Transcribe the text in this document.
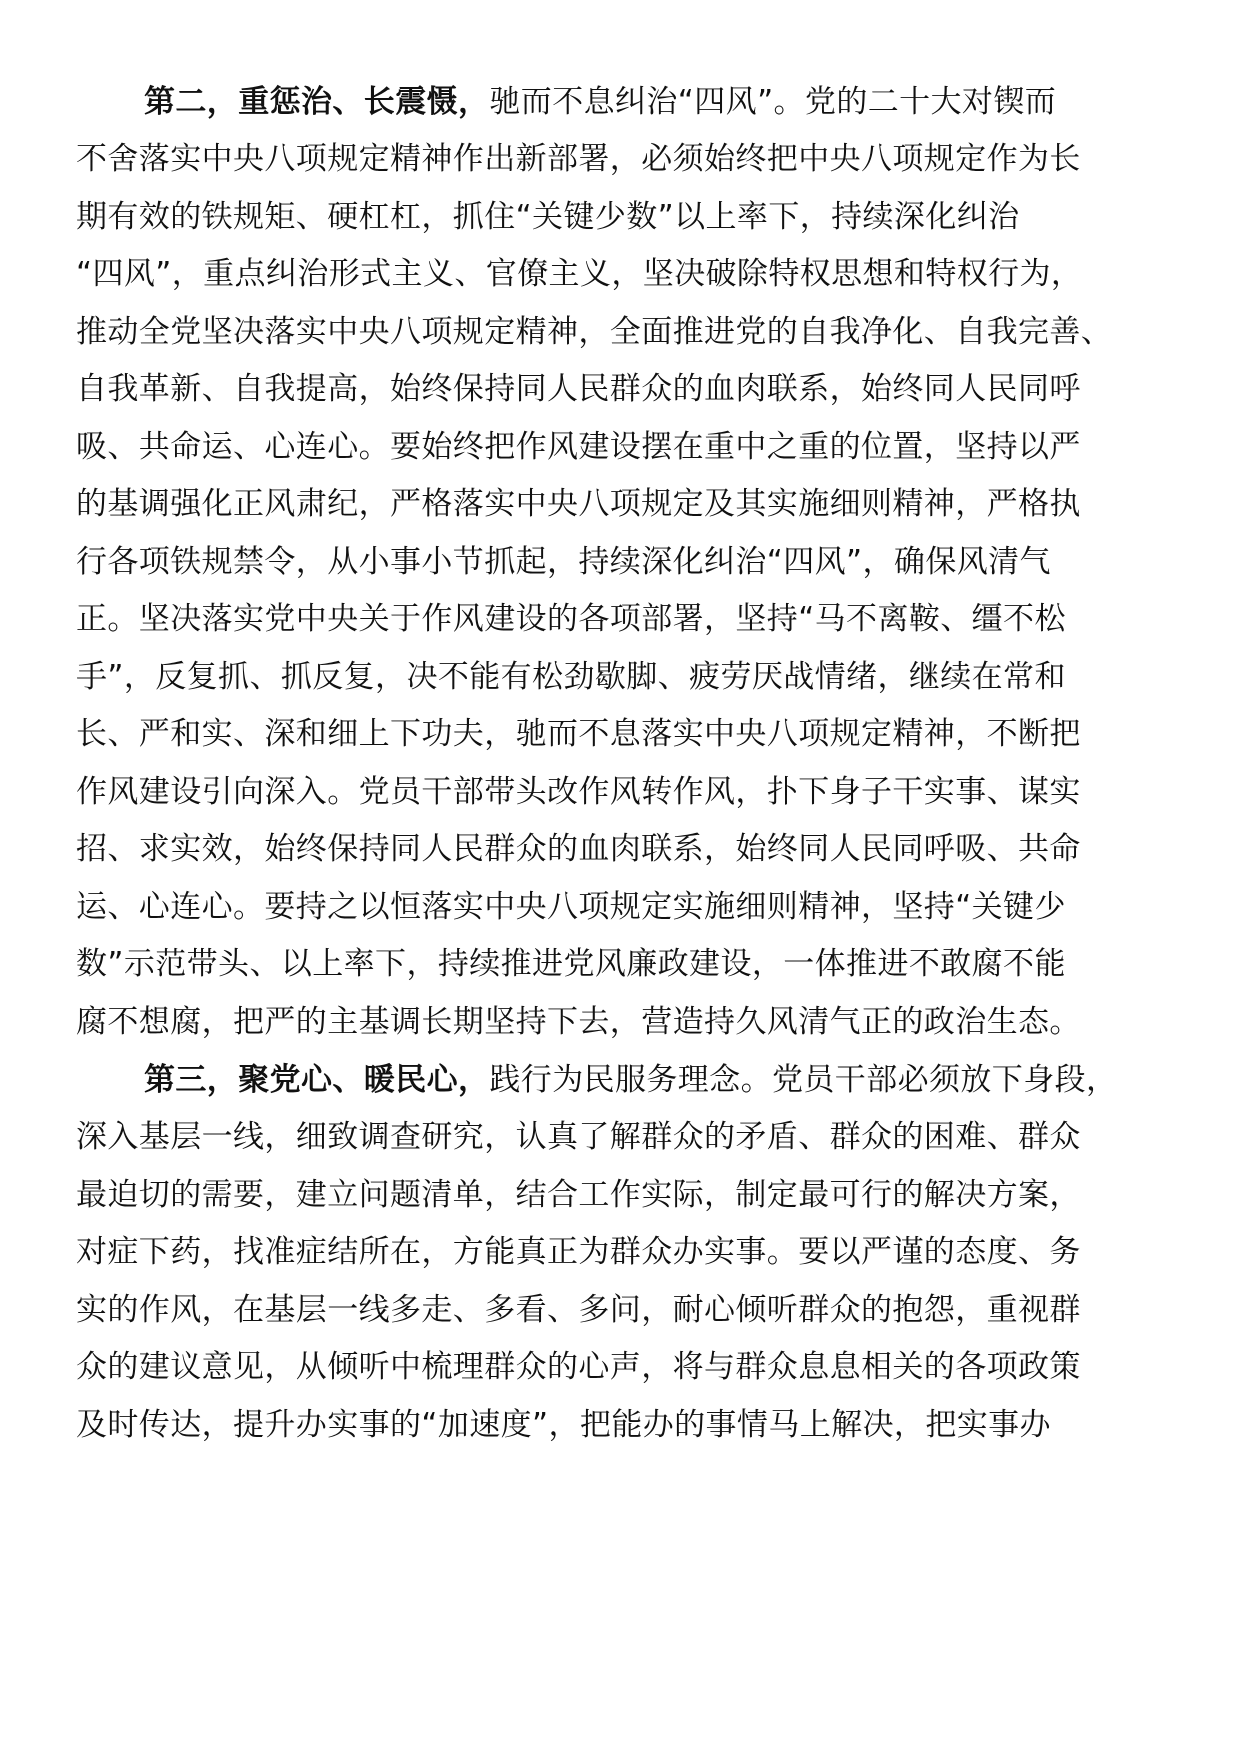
第二，重惩治、长震慑，驰而不息纠治“四风”。党的二十大对锲而
不舍落实中央八项规定精神作出新部署，必须始终把中央八项规定作为长
期有效的铁规矩、硬杠杠，抓住“关键少数”以上率下，持续深化纠治
“四风”，重点纠治形式主义、官僚主义，坚决破除特权思想和特权行为，
推动全党坚决落实中央八项规定精神，全面推进党的自我净化、自我完善、
自我革新、自我提高，始终保持同人民群众的血肉联系，始终同人民同呼
吸、共命运、心连心。要始终把作风建设摆在重中之重的位置，坚持以严
的基调强化正风肃纪，严格落实中央八项规定及其实施细则精神，严格执
行各项铁规禁令，从小事小节抓起，持续深化纠治“四风”，确保风清气
正。坚决落实党中央关于作风建设的各项部署，坚持“马不离鞍、缰不松
手”，反复抓、抓反复，决不能有松劲歇脚、疲劳厌战情绪，继续在常和
长、严和实、深和细上下功夫，驰而不息落实中央八项规定精神，不断把
作风建设引向深入。党员干部带头改作风转作风，扑下身子干实事、谋实
招、求实效，始终保持同人民群众的血肉联系，始终同人民同呼吸、共命
运、心连心。要持之以恒落实中央八项规定实施细则精神，坚持“关键少
数”示范带头、以上率下，持续推进党风廉政建设，一体推进不敢腐不能
腐不想腐，把严的主基调长期坚持下去，营造持久风清气正的政治生态。
第三，聚党心、暖民心，践行为民服务理念。党员干部必须放下身段，
深入基层一线，细致调查研究，认真了解群众的矛盾、群众的困难、群众
最迫切的需要，建立问题清单，结合工作实际，制定最可行的解决方案，
对症下药，找准症结所在，方能真正为群众办实事。要以严谨的态度、务
实的作风，在基层一线多走、多看、多问，耐心倾听群众的抱怨，重视群
众的建议意见，从倾听中梳理群众的心声，将与群众息息相关的各项政策
及时传达，提升办实事的“加速度”，把能办的事情马上解决，把实事办
